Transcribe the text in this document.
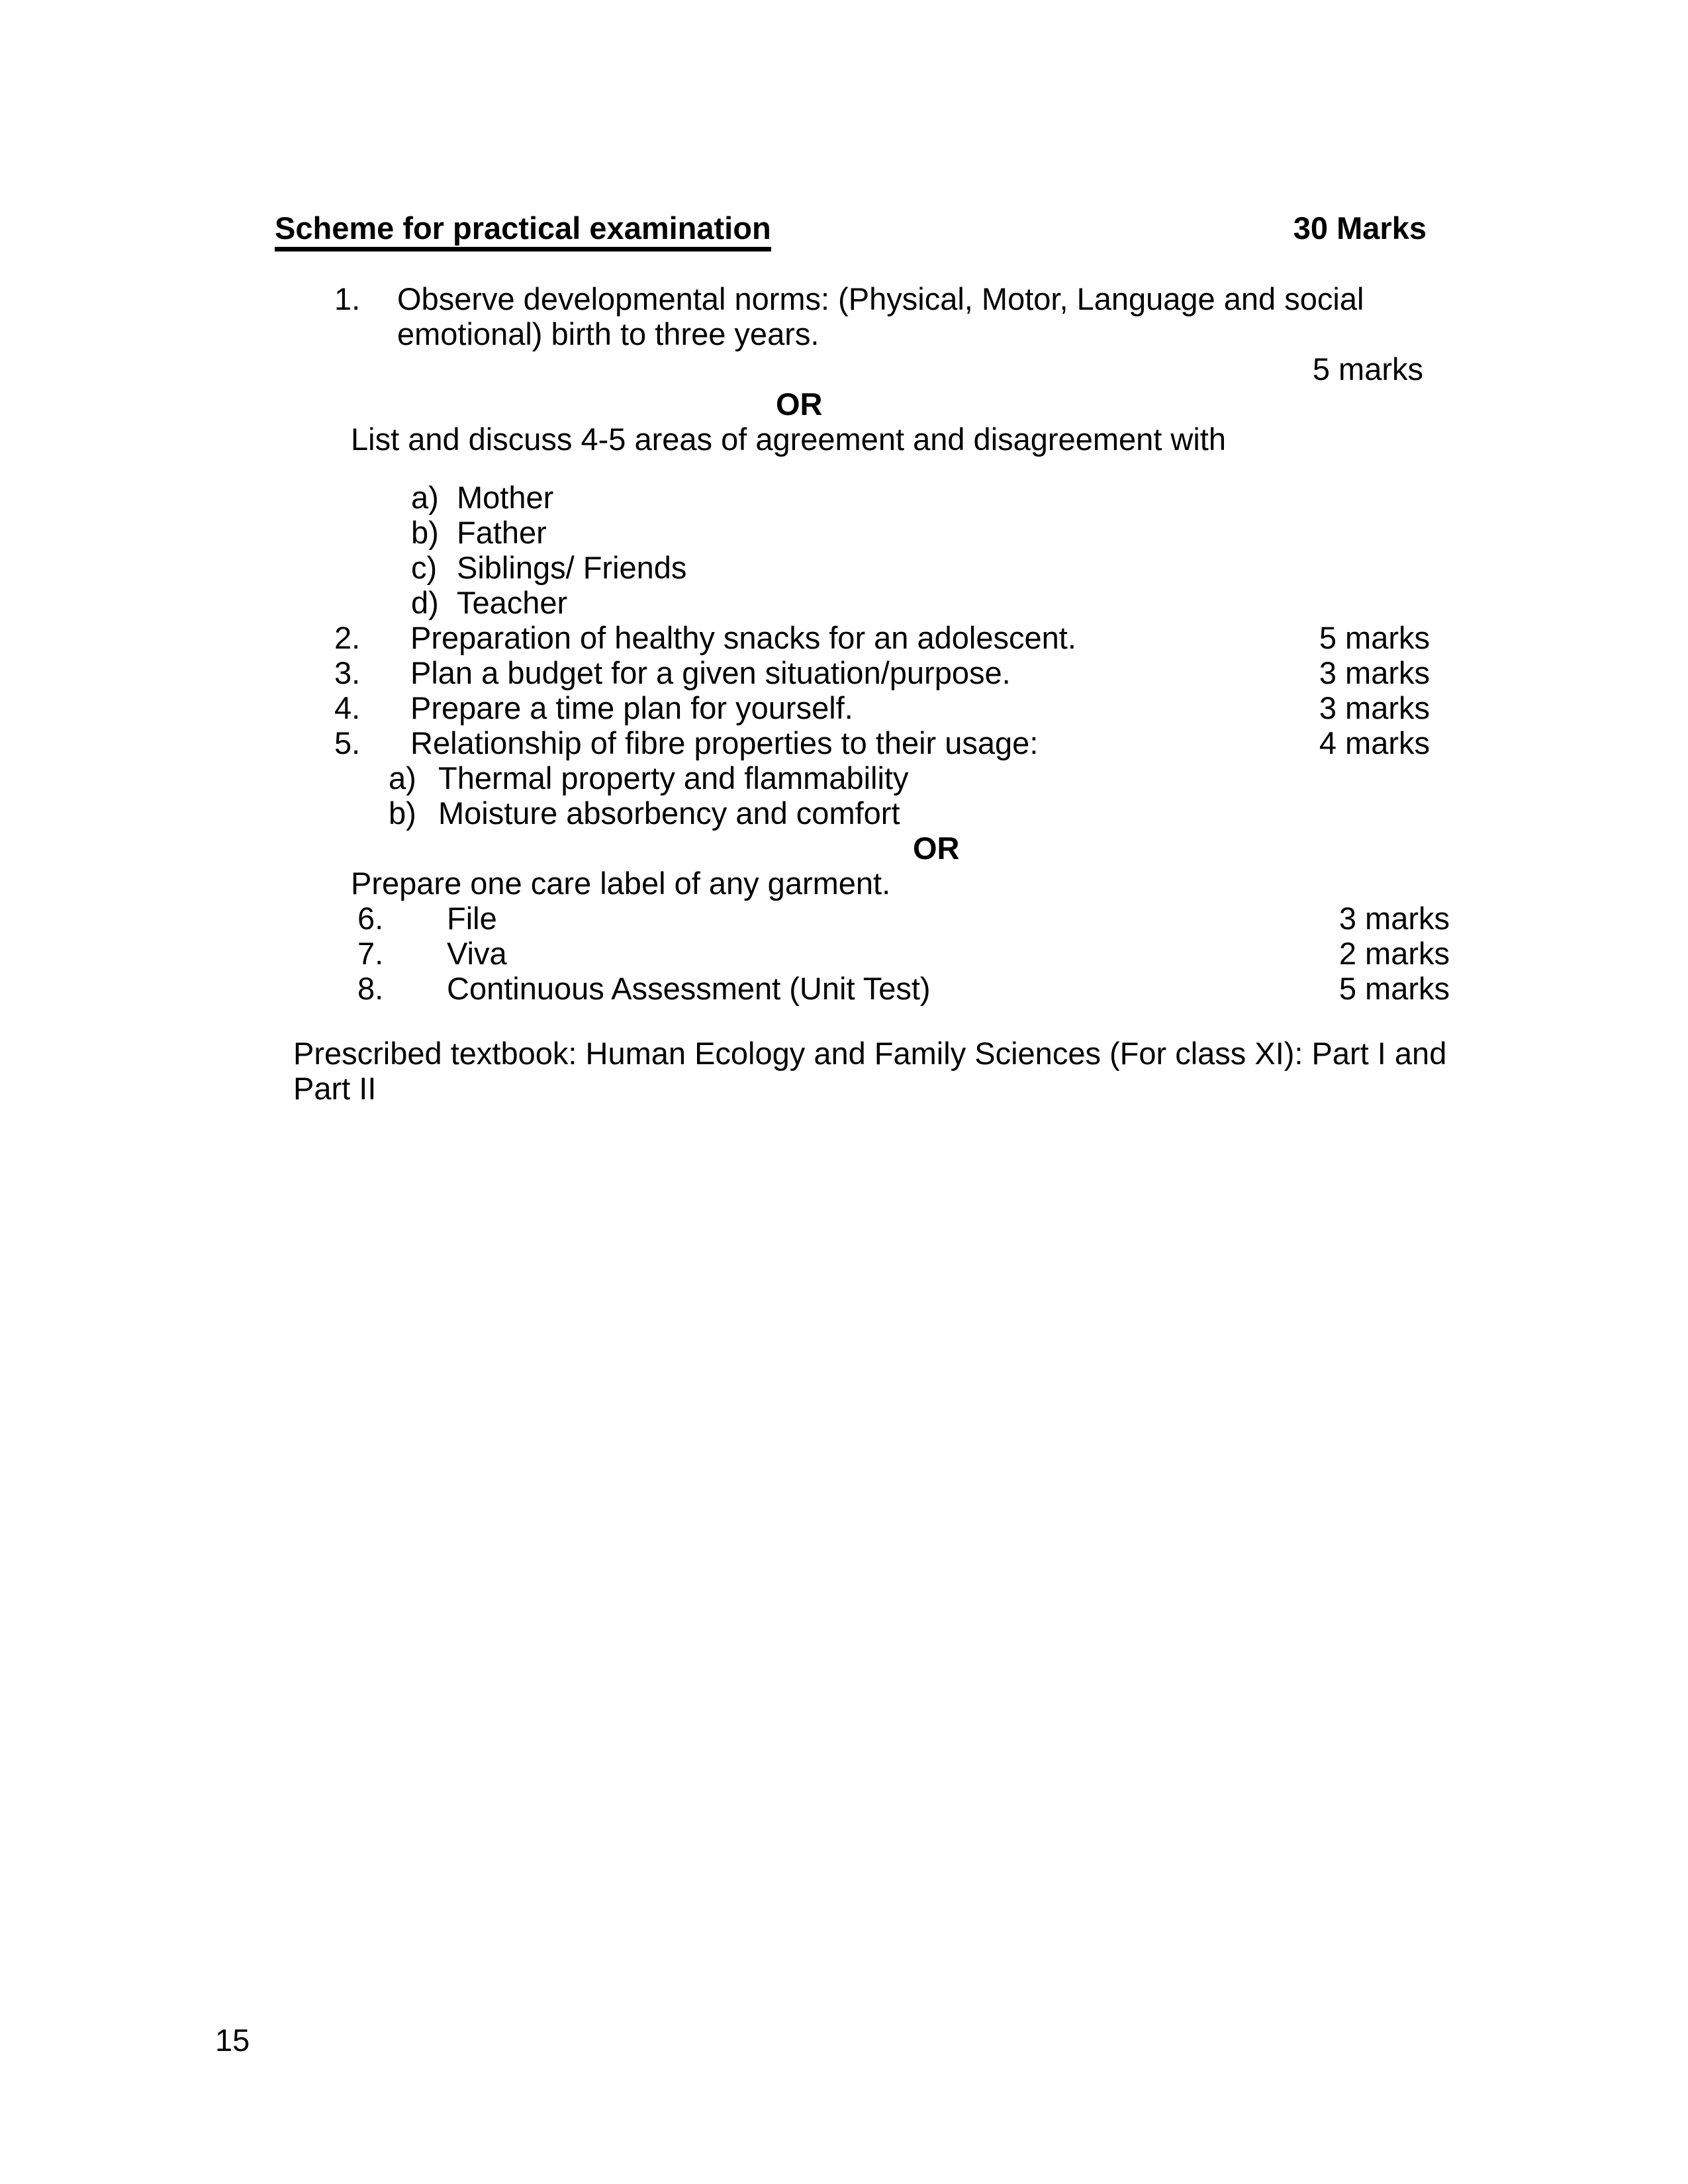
Scheme for practical examination	30 Marks
1.	Observe developmental norms: (Physical, Motor, Language and social emotional) birth to three years.
5 marks
OR
List and discuss 4-5 areas of agreement and disagreement with
a) Mother
b) Father
c) Siblings/ Friends
d) Teacher
2.	Preparation of healthy snacks for an adolescent.	5 marks
3.	Plan a budget for a given situation/purpose.	3 marks
4.	Prepare a time plan for yourself.	3 marks
5.	Relationship of fibre properties to their usage:	4 marks
a) Thermal property and flammability
b) Moisture absorbency and comfort
OR
Prepare one care label of any garment.
6.	File	3 marks
7.	Viva	2 marks
8.	Continuous Assessment (Unit Test)	5 marks
Prescribed textbook: Human Ecology and Family Sciences (For class XI): Part I and Part II
15
